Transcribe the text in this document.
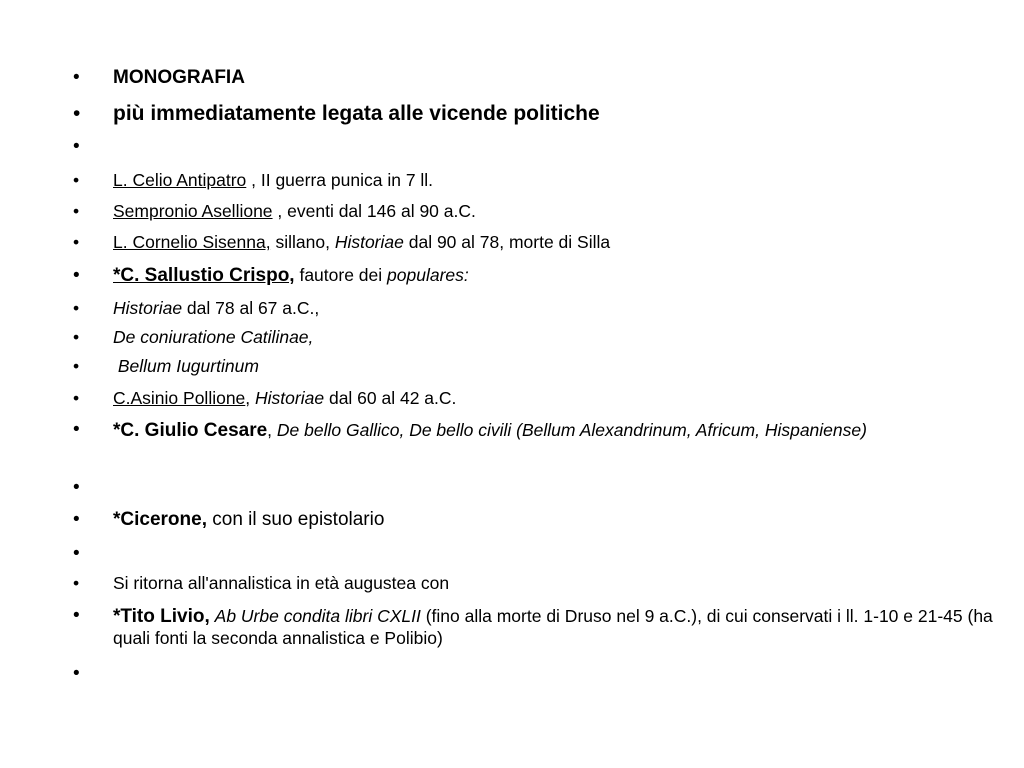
• MONOGRAFIA
• più immediatamente legata alle vicende politiche
•
• L. Celio Antipatro , II guerra punica in 7 ll.
• Sempronio Asellione , eventi dal 146 al 90 a.C.
• L. Cornelio Sisenna, sillano, Historiae dal 90 al 78, morte di Silla
• *C. Sallustio Crispo, fautore dei populares:
• Historiae dal 78 al 67 a.C.,
• De coniuratione Catilinae,
• Bellum Iugurtinum
• C.Asinio Pollione, Historiae dal 60 al 42 a.C.
• *C. Giulio Cesare, De bello Gallico, De bello civili (Bellum Alexandrinum, Africum, Hispaniense)
•
• *Cicerone, con il suo epistolario
•
• Si ritorna all'annalistica in età augustea con
• *Tito Livio, Ab Urbe condita libri CXLII (fino alla morte di Druso nel 9 a.C.), di cui conservati i ll. 1-10 e 21-45 (ha quali fonti la seconda annalistica e Polibio)
•
